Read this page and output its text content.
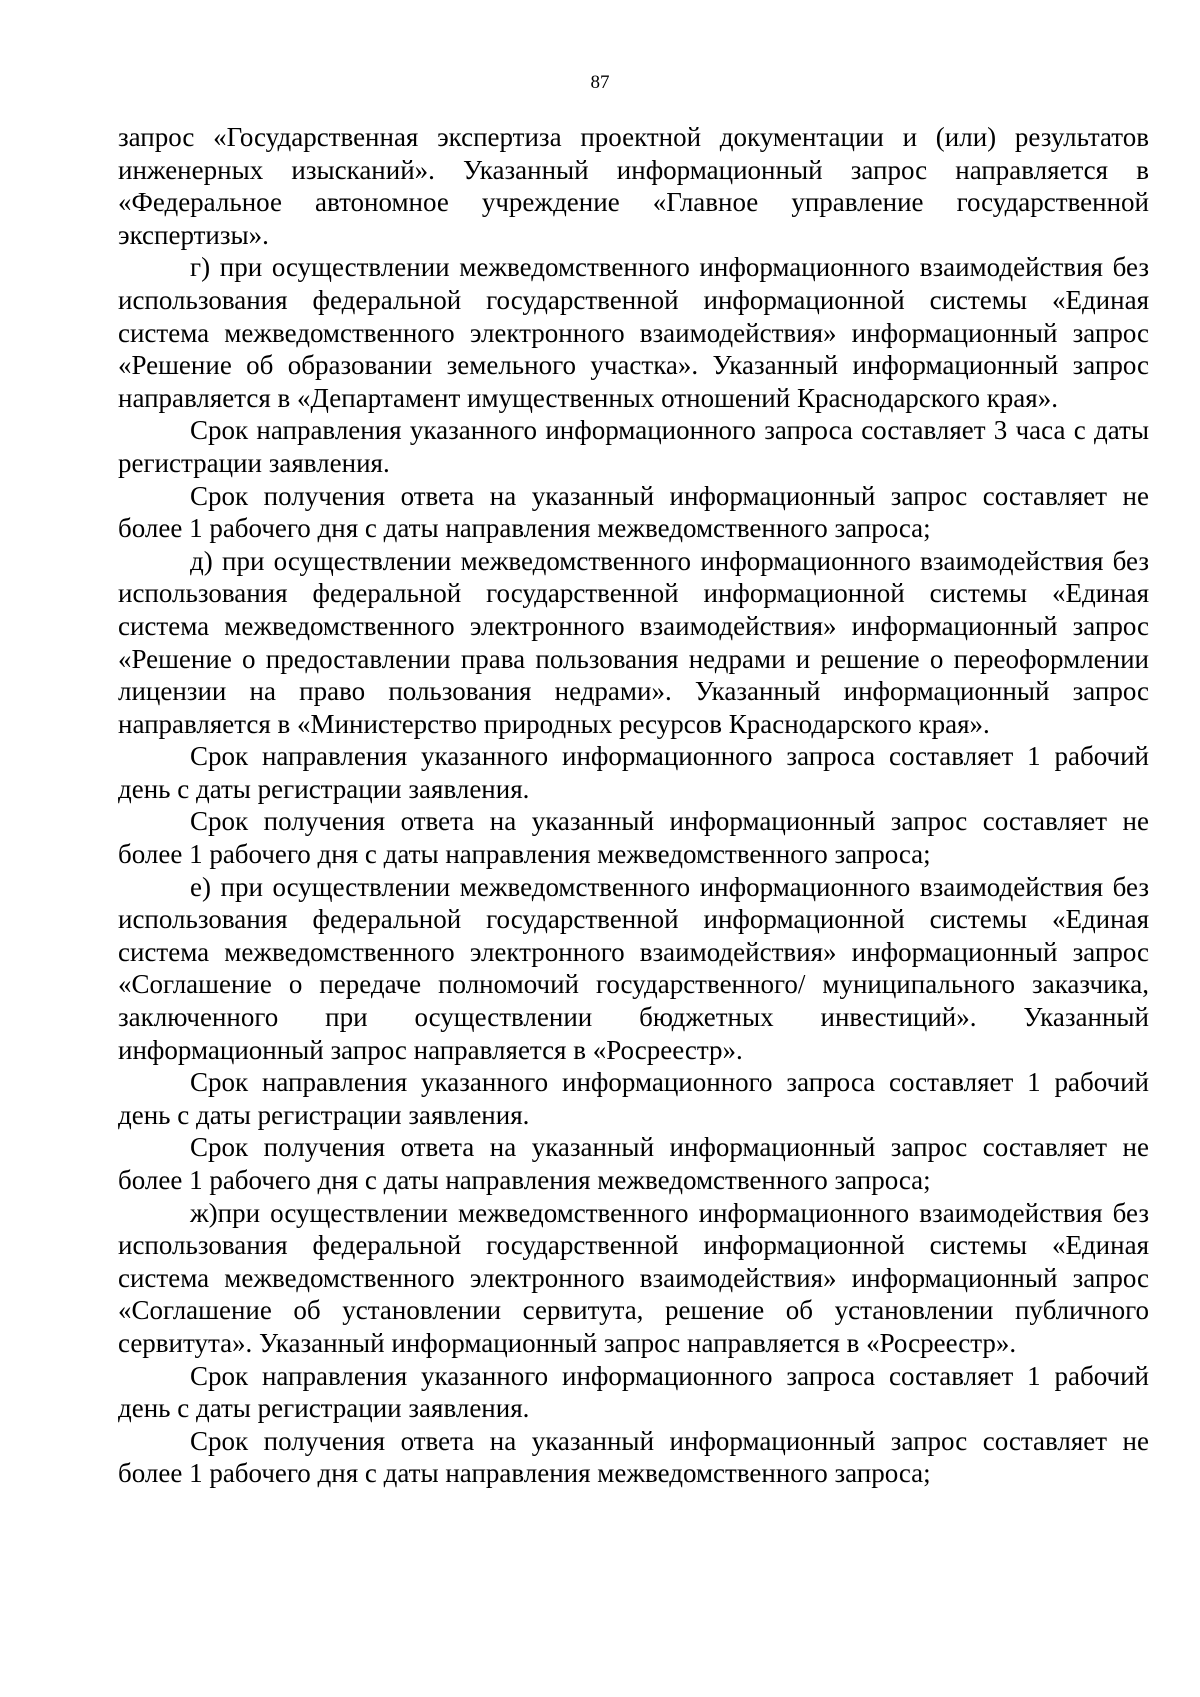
87

запрос «Государственная экспертиза проектной документации и (или) результатов инженерных изысканий». Указанный информационный запрос направляется в «Федеральное автономное учреждение «Главное управление государственной экспертизы».

г) при осуществлении межведомственного информационного взаимодействия без использования федеральной государственной информационной системы «Единая система межведомственного электронного взаимодействия» информационный запрос «Решение об образовании земельного участка». Указанный информационный запрос направляется в «Департамент имущественных отношений Краснодарского края».

Срок направления указанного информационного запроса составляет 3 часа с даты регистрации заявления.

Срок получения ответа на указанный информационный запрос составляет не более 1 рабочего дня с даты направления межведомственного запроса;

д) при осуществлении межведомственного информационного взаимодействия без использования федеральной государственной информационной системы «Единая система межведомственного электронного взаимодействия» информационный запрос «Решение о предоставлении права пользования недрами и решение о переоформлении лицензии на право пользования недрами». Указанный информационный запрос направляется в «Министерство природных ресурсов Краснодарского края».

Срок направления указанного информационного запроса составляет 1 рабочий день с даты регистрации заявления.

Срок получения ответа на указанный информационный запрос составляет не более 1 рабочего дня с даты направления межведомственного запроса;

е) при осуществлении межведомственного информационного взаимодействия без использования федеральной государственной информационной системы «Единая система межведомственного электронного взаимодействия» информационный запрос «Соглашение о передаче полномочий государственного/ муниципального заказчика, заключенного при осуществлении бюджетных инвестиций». Указанный информационный запрос направляется в «Росреестр».

Срок направления указанного информационного запроса составляет 1 рабочий день с даты регистрации заявления.

Срок получения ответа на указанный информационный запрос составляет не более 1 рабочего дня с даты направления межведомственного запроса;

ж)при осуществлении межведомственного информационного взаимодействия без использования федеральной государственной информационной системы «Единая система межведомственного электронного взаимодействия» информационный запрос «Соглашение об установлении сервитута, решение об установлении публичного сервитута». Указанный информационный запрос направляется в «Росреестр».

Срок направления указанного информационного запроса составляет 1 рабочий день с даты регистрации заявления.

Срок получения ответа на указанный информационный запрос составляет не более 1 рабочего дня с даты направления межведомственного запроса;
